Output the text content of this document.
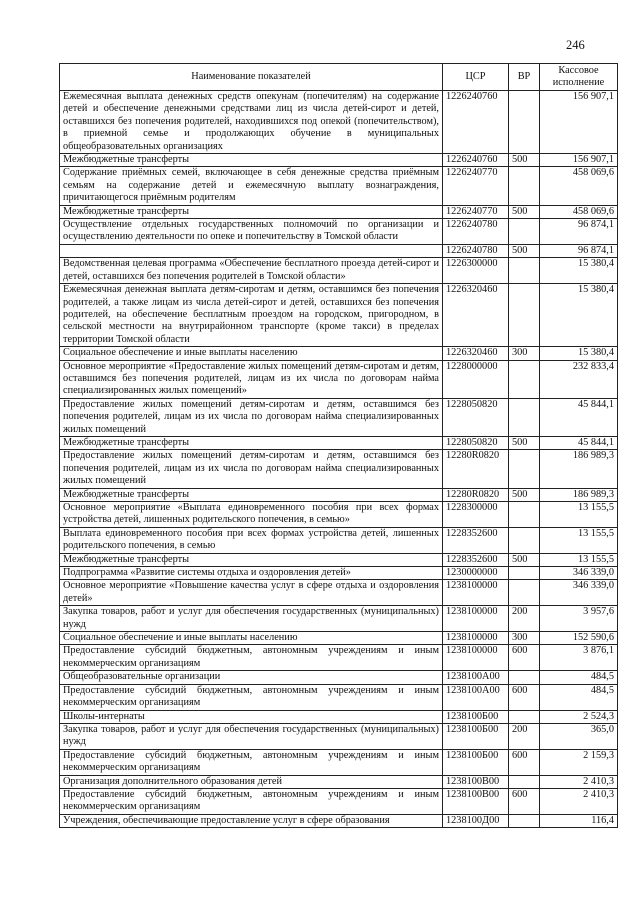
246
Наименование показателей	ЦСР	ВР	Кассовое исполнение
Ежемесячная выплата денежных средств опекунам (попечителям) на содержание детей и обеспечение денежными средствами лиц из числа детей-сирот и детей, оставшихся без попечения родителей, находившихся под опекой (попечительством), в приемной семье и продолжающих обучение в муниципальных общеобразовательных организациях	1226240760		156 907,1
Межбюджетные трансферты	1226240760	500	156 907,1
Содержание приёмных семей, включающее в себя денежные средства приёмным семьям на содержание детей и ежемесячную выплату вознаграждения, причитающегося приёмным родителям	1226240770		458 069,6
Межбюджетные трансферты	1226240770	500	458 069,6
Осуществление отдельных государственных полномочий по организации и осуществлению деятельности по опеке и попечительству в Томской области	1226240780		96 874,1
	1226240780	500	96 874,1
Ведомственная целевая программа «Обеспечение бесплатного проезда детей-сирот и детей, оставшихся без попечения родителей в Томской области»	1226300000		15 380,4
Ежемесячная денежная выплата детям-сиротам и детям, оставшимся без попечения родителей, а также лицам из числа детей-сирот и детей, оставшихся без попечения родителей, на обеспечение бесплатным проездом на городском, пригородном, в сельской местности на внутрирайонном транспорте (кроме такси) в пределах территории Томской области	1226320460		15 380,4
Социальное обеспечение и иные выплаты населению	1226320460	300	15 380,4
Основное мероприятие «Предоставление жилых помещений детям-сиротам и детям, оставшимся без попечения родителей, лицам из их числа по договорам найма специализированных жилых помещений»	1228000000		232 833,4
Предоставление жилых помещений детям-сиротам и детям, оставшимся без попечения родителей, лицам из их числа по договорам найма специализированных жилых помещений	1228050820		45 844,1
Межбюджетные трансферты	1228050820	500	45 844,1
Предоставление жилых помещений детям-сиротам и детям, оставшимся без попечения родителей, лицам из их числа по договорам найма специализированных жилых помещений	12280R0820		186 989,3
Межбюджетные трансферты	12280R0820	500	186 989,3
Основное мероприятие «Выплата единовременного пособия при всех формах устройства детей, лишенных родительского попечения, в семью»	1228300000		13 155,5
Выплата единовременного пособия при всех формах устройства детей, лишенных родительского попечения, в семью	1228352600		13 155,5
Межбюджетные трансферты	1228352600	500	13 155,5
Подпрограмма «Развитие системы отдыха и оздоровления детей»	1230000000		346 339,0
Основное мероприятие «Повышение качества услуг в сфере отдыха и оздоровления детей»	1238100000		346 339,0
Закупка товаров, работ и услуг для обеспечения государственных (муниципальных) нужд	1238100000	200	3 957,6
Социальное обеспечение и иные выплаты населению	1238100000	300	152 590,6
Предоставление субсидий бюджетным, автономным учреждениям и иным некоммерческим организациям	1238100000	600	3 876,1
Общеобразовательные организации	1238100А00		484,5
Предоставление субсидий бюджетным, автономным учреждениям и иным некоммерческим организациям	1238100А00	600	484,5
Школы-интернаты	1238100Б00		2 524,3
Закупка товаров, работ и услуг для обеспечения государственных (муниципальных) нужд	1238100Б00	200	365,0
Предоставление субсидий бюджетным, автономным учреждениям и иным некоммерческим организациям	1238100Б00	600	2 159,3
Организация дополнительного образования детей	1238100В00		2 410,3
Предоставление субсидий бюджетным, автономным учреждениям и иным некоммерческим организациям	1238100В00	600	2 410,3
Учреждения, обеспечивающие предоставление услуг в сфере образования	1238100Д00		116,4
